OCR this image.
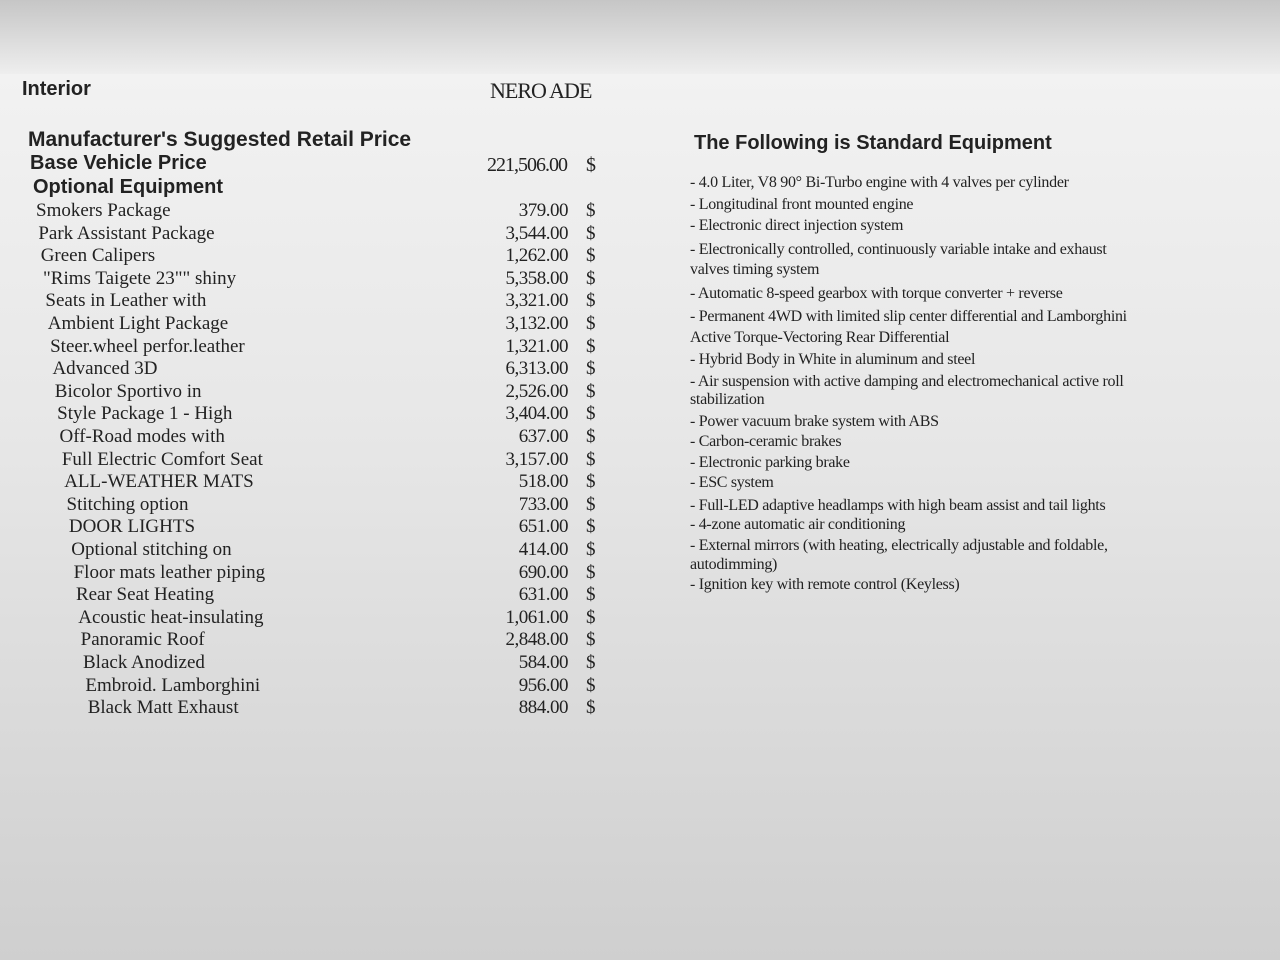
Interior	NERO ADE
Manufacturer's Suggested Retail Price
Base Vehicle Price	221,506.00 $
Optional Equipment
Smokers Package	379.00 $
Park Assistant Package	3,544.00 $
Green Calipers	1,262.00 $
"Rims Taigete 23"" shiny	5,358.00 $
Seats in Leather with	3,321.00 $
Ambient Light Package	3,132.00 $
Steer.wheel perfor.leather	1,321.00 $
Advanced 3D	6,313.00 $
Bicolor Sportivo in	2,526.00 $
Style Package 1 - High	3,404.00 $
Off-Road modes with	637.00 $
Full Electric Comfort Seat	3,157.00 $
ALL-WEATHER MATS	518.00 $
Stitching option	733.00 $
DOOR LIGHTS	651.00 $
Optional stitching on	414.00 $
Floor mats leather piping	690.00 $
Rear Seat Heating	631.00 $
Acoustic heat-insulating	1,061.00 $
Panoramic Roof	2,848.00 $
Black Anodized	584.00 $
Embroid. Lamborghini	956.00 $
Black Matt Exhaust	884.00 $
The Following is Standard Equipment
- 4.0 Liter, V8 90° Bi-Turbo engine with 4 valves per cylinder
- Longitudinal front mounted engine
- Electronic direct injection system
- Electronically controlled, continuously variable intake and exhaust
valves timing system
- Automatic 8-speed gearbox with torque converter + reverse
- Permanent 4WD with limited slip center differential and Lamborghini
Active Torque-Vectoring Rear Differential
- Hybrid Body in White in aluminum and steel
- Air suspension with active damping and electromechanical active roll
stabilization
- Power vacuum brake system with ABS
- Carbon-ceramic brakes
- Electronic parking brake
- ESC system
- Full-LED adaptive headlamps with high beam assist and tail lights
- 4-zone automatic air conditioning
- External mirrors (with heating, electrically adjustable and foldable,
autodimming)
- Ignition key with remote control (Keyless)
